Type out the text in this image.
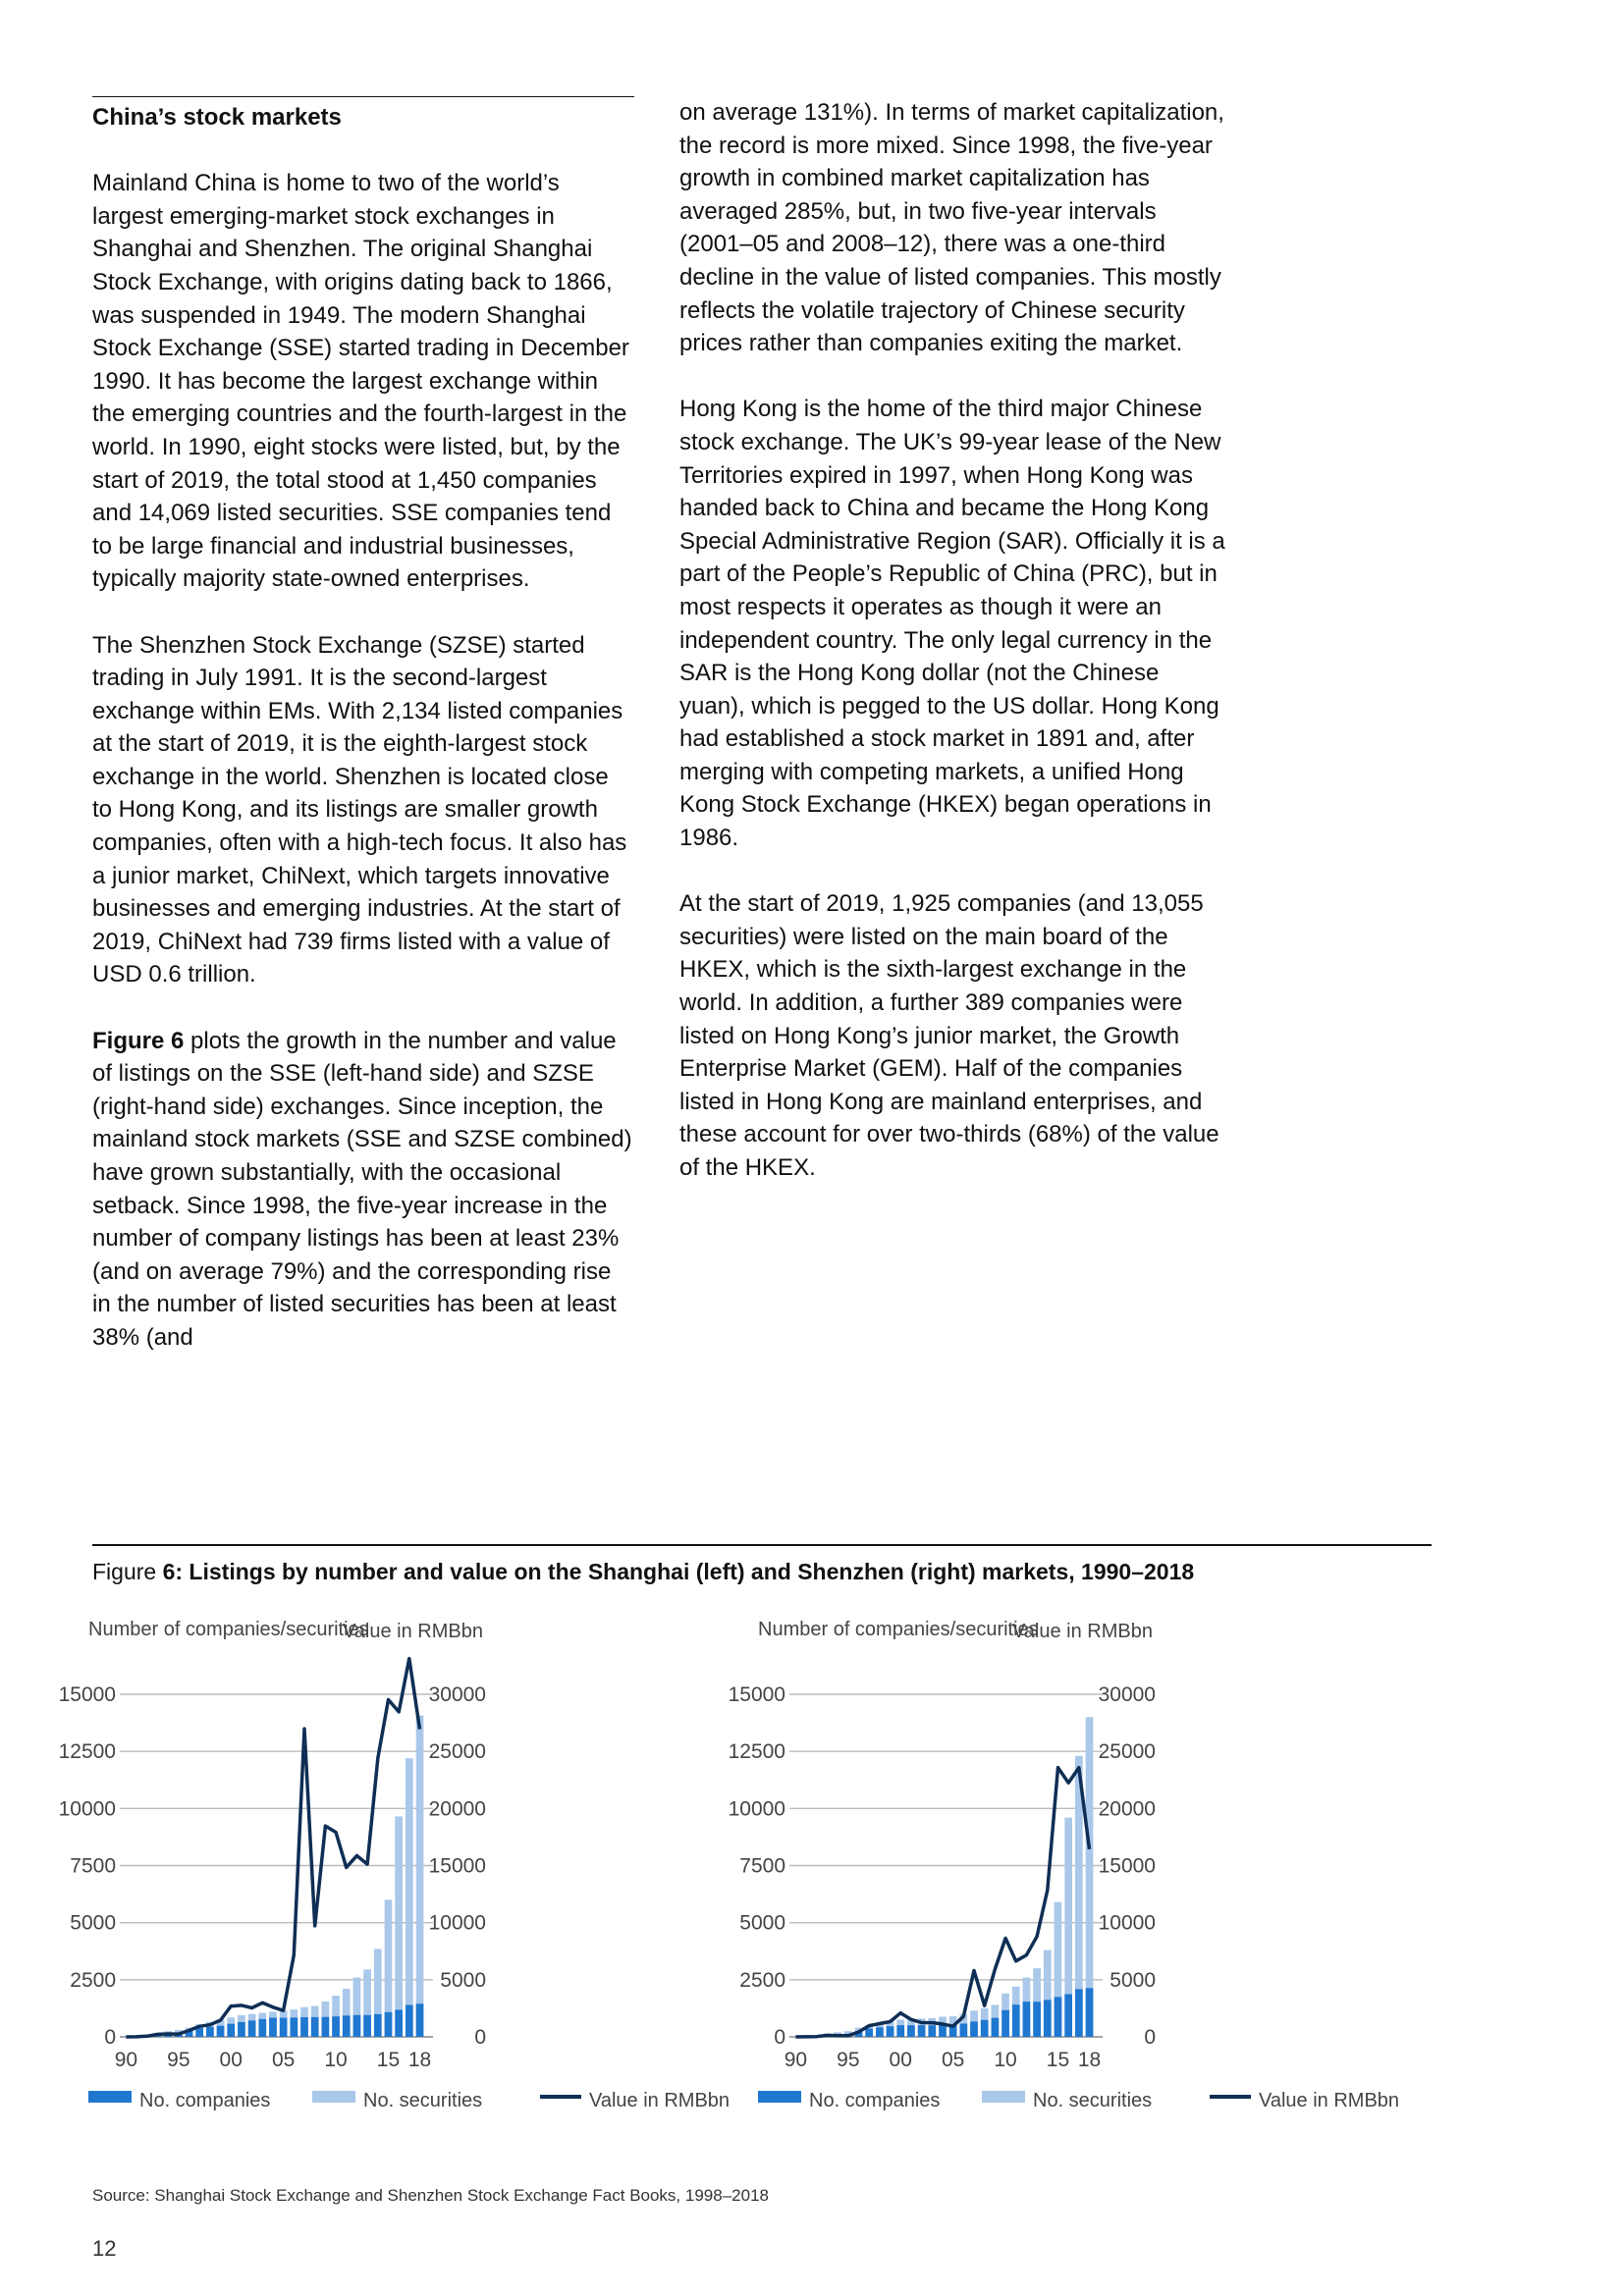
China’s stock markets

Mainland China is home to two of the world’s largest emerging-market stock exchanges in Shanghai and Shenzhen. The original Shanghai Stock Exchange, with origins dating back to 1866, was suspended in 1949. The modern Shanghai Stock Exchange (SSE) started trading in December 1990. It has become the largest exchange within the emerging countries and the fourth-largest in the world. In 1990, eight stocks were listed, but, by the start of 2019, the total stood at 1,450 companies and 14,069 listed securities. SSE companies tend to be large financial and industrial businesses, typically majority state-owned enterprises.

The Shenzhen Stock Exchange (SZSE) started trading in July 1991. It is the second-largest exchange within EMs. With 2,134 listed companies at the start of 2019, it is the eighth-largest stock exchange in the world. Shenzhen is located close to Hong Kong, and its listings are smaller growth companies, often with a high-tech focus. It also has a junior market, ChiNext, which targets innovative businesses and emerging industries. At the start of 2019, ChiNext had 739 firms listed with a value of USD 0.6 trillion.

Figure 6 plots the growth in the number and value of listings on the SSE (left-hand side) and SZSE (right-hand side) exchanges. Since inception, the mainland stock markets (SSE and SZSE combined) have grown substantially, with the occasional setback. Since 1998, the five-year increase in the number of company listings has been at least 23% (and on average 79%) and the corresponding rise in the number of listed securities has been at least 38% (and

on average 131%). In terms of market capitalization, the record is more mixed. Since 1998, the five-year growth in combined market capitalization has averaged 285%, but, in two five-year intervals (2001–05 and 2008–12), there was a one-third decline in the value of listed companies. This mostly reflects the volatile trajectory of Chinese security prices rather than companies exiting the market.

Hong Kong is the home of the third major Chinese stock exchange. The UK’s 99-year lease of the New Territories expired in 1997, when Hong Kong was handed back to China and became the Hong Kong Special Administrative Region (SAR). Officially it is a part of the People’s Republic of China (PRC), but in most respects it operates as though it were an independent country. The only legal currency in the SAR is the Hong Kong dollar (not the Chinese yuan), which is pegged to the US dollar. Hong Kong had established a stock market in 1891 and, after merging with competing markets, a unified Hong Kong Stock Exchange (HKEX) began operations in 1986.

At the start of 2019, 1,925 companies (and 13,055 securities) were listed on the main board of the HKEX, which is the sixth-largest exchange in the world. In addition, a further 389 companies were listed on Hong Kong’s junior market, the Growth Enterprise Market (GEM). Half of the companies listed in Hong Kong are mainland enterprises, and these account for over two-thirds (68%) of the value of the HKEX.

Figure 6: Listings by number and value on the Shanghai (left) and Shenzhen (right) markets, 1990–2018
Number of companies/securities
Value in RMBbn
0	0
2500	5000
5000	10000
7500	15000
10000	20000
12500	25000
15000	30000
90 95 00 05 10 15 18
No. companies	No. securities	Value in RMBbn
Number of companies/securities
Value in RMBbn
0	0
2500	5000
5000	10000
7500	15000
10000	20000
12500	25000
15000	30000
90 95 00 05 10 15 18
No. companies	No. securities	Value in RMBbn
Source: Shanghai Stock Exchange and Shenzhen Stock Exchange Fact Books, 1998–2018
12
